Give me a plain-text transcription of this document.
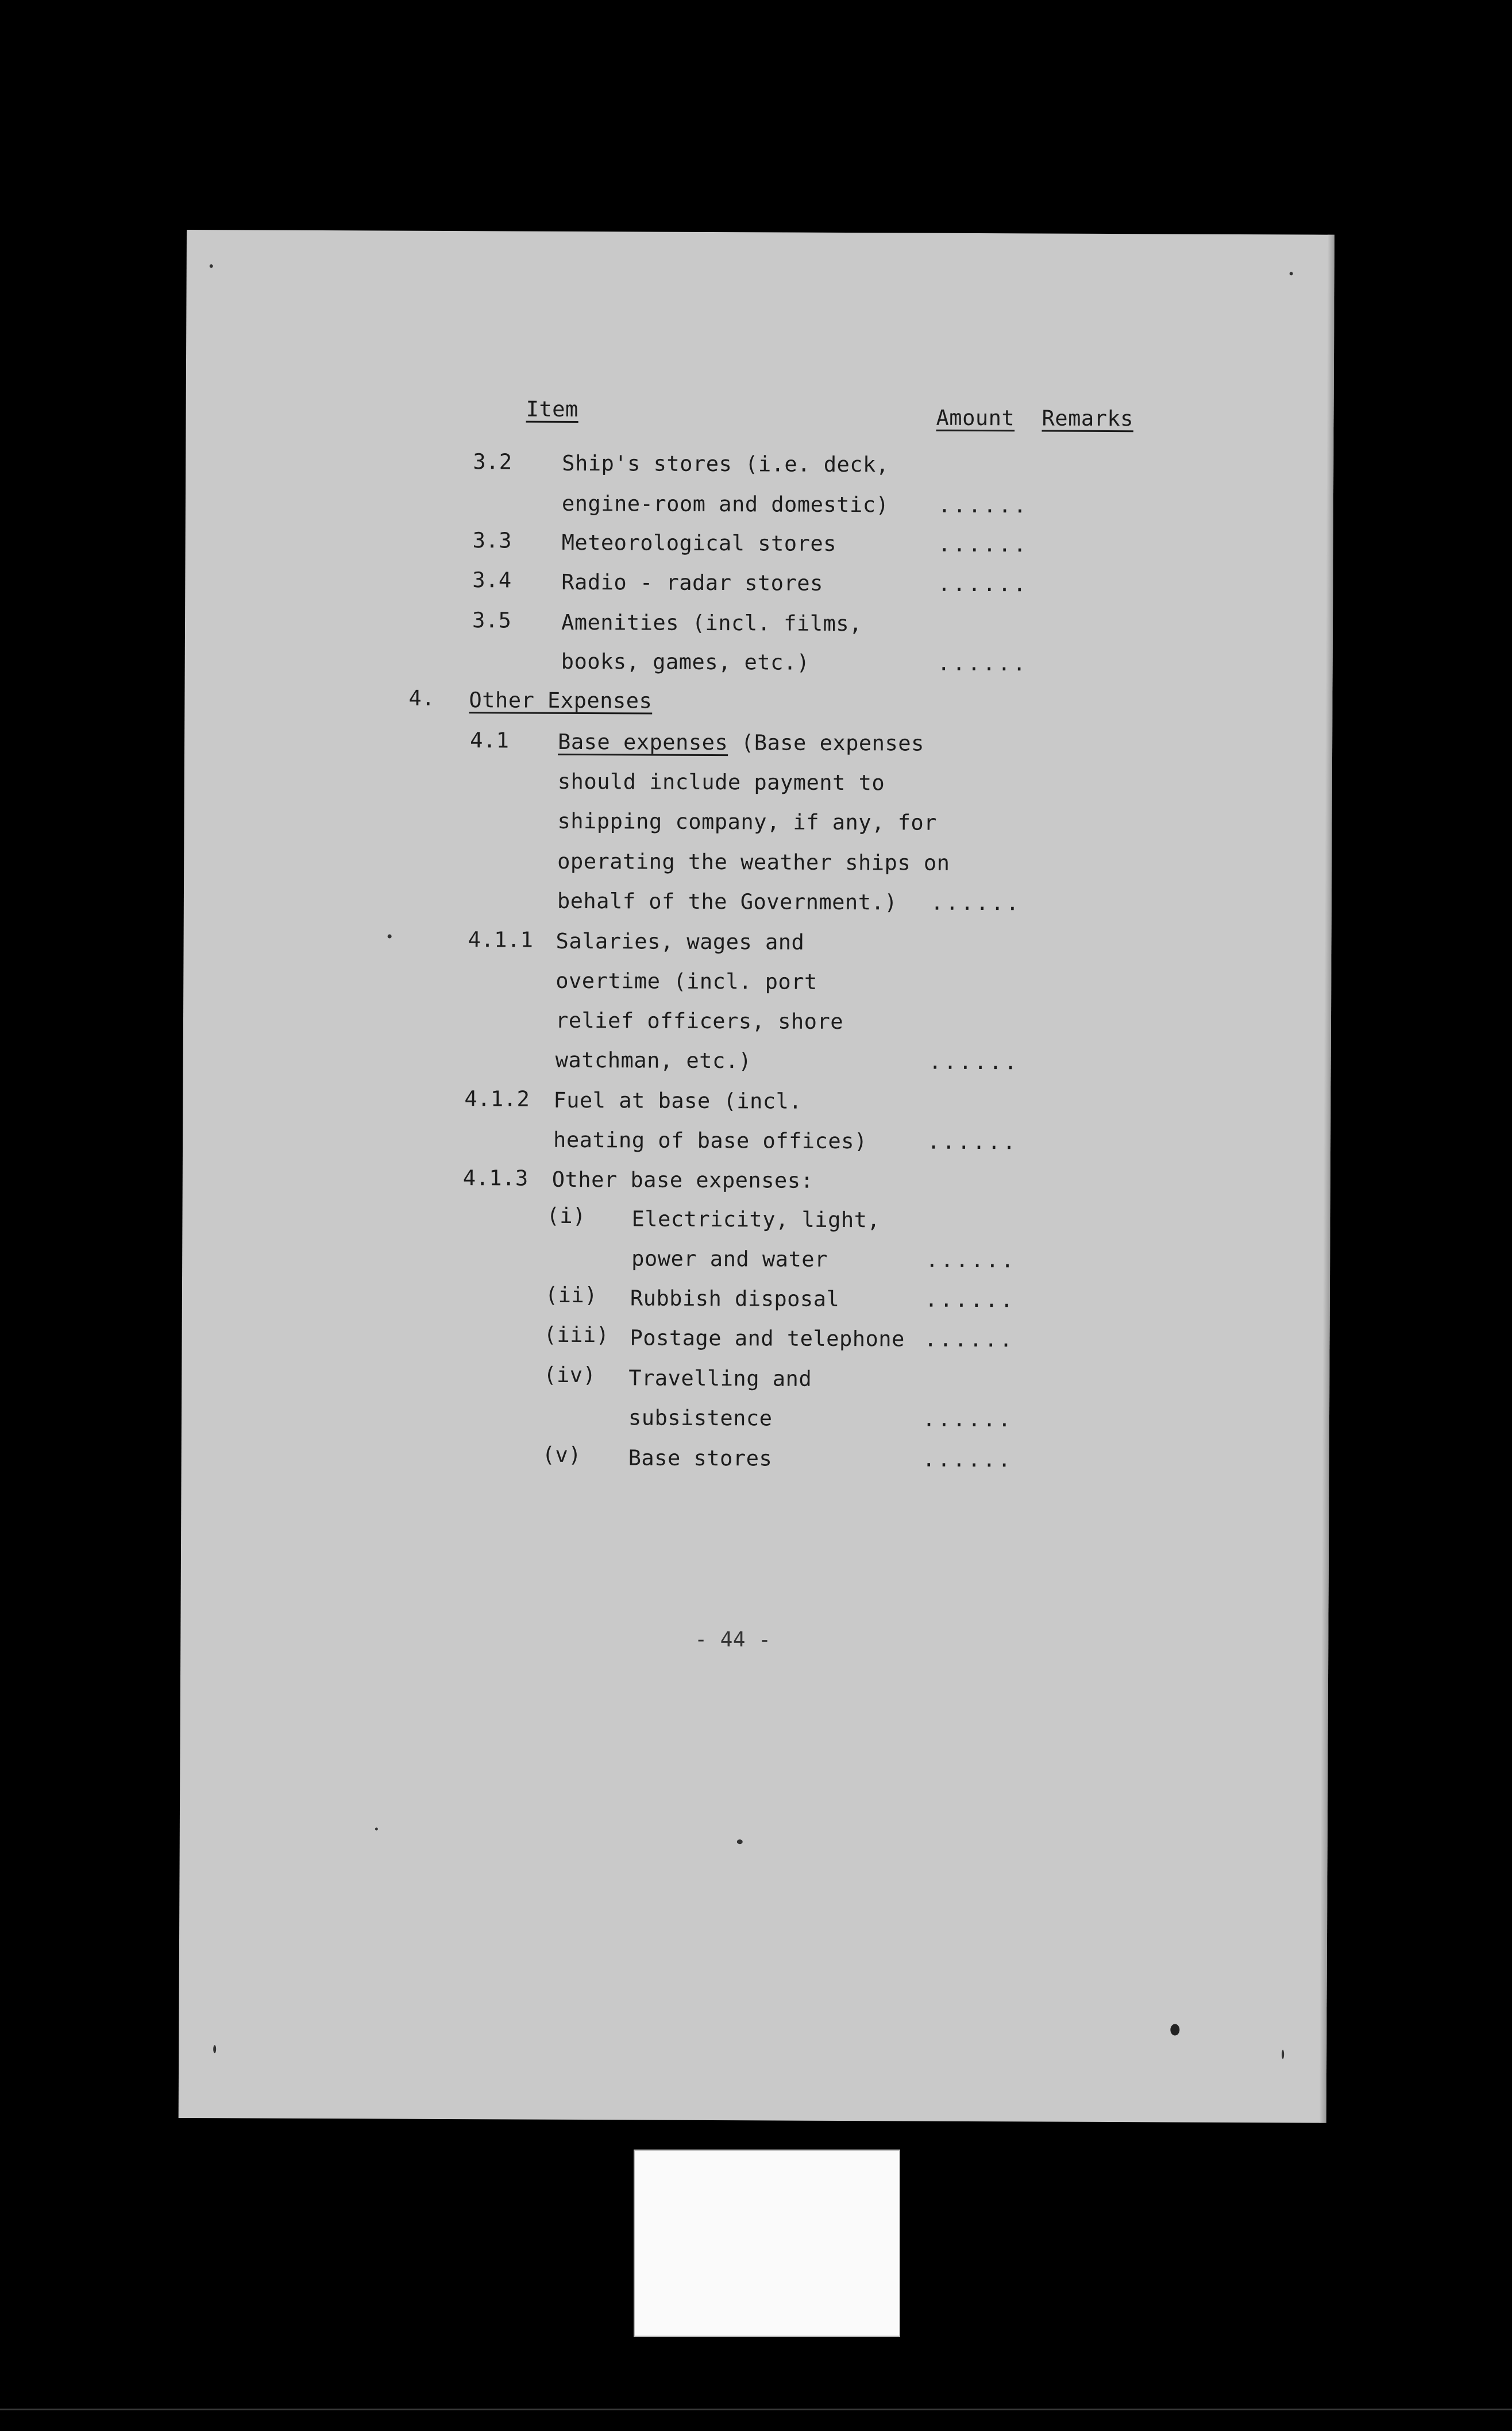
Item	Amount Remarks
3.2 Ship's stores (i.e. deck,
engine-room and domestic) ......
3.3 Meteorological stores	......
3.4 Radio - radar stores	......
3.5 Amenities (incl. films,
books, games, etc.)	......
4. Other Expenses
4.1 Base expenses (Base expenses
should include payment to
shipping company, if any, for
operating the weather ships on
behalf of the Government.) ......
4.1.1 Salaries, wages and
overtime (incl. port
relief officers, shore
watchman, etc.)	......
4.1.2 Fuel at base (incl.
heating of base offices)	......
4.1.3 Other base expenses:
(i) Electricity, light,
power and water	......
(ii) Rubbish disposal	......
(iii) Postage and telephone ......
(iv) Travelling and
subsistence	......
(v) Base stores	......
- 44 -
